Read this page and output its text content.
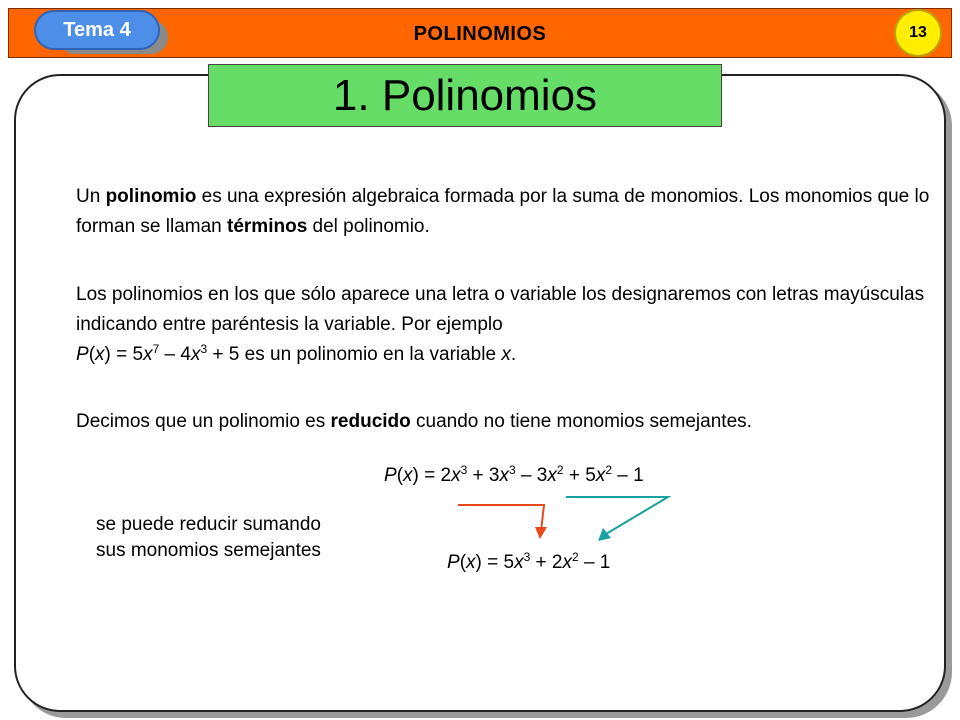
POLINOMIOS
Tema 4	13
1. Polinomios

Un polinomio es una expresión algebraica formada por la suma de monomios. Los monomios que lo forman se llaman términos del polinomio.

Los polinomios en los que sólo aparece una letra o variable los designaremos con letras mayúsculas indicando entre paréntesis la variable. Por ejemplo
$P(x) = 5x^7 - 4x^3 + 5$ es un polinomio en la variable x.

Decimos que un polinomio es reducido cuando no tiene monomios semejantes.

$P(x) = 2x^3 + 3x^3 - 3x^2 + 5x^2 - 1$
se puede reducir sumando
sus monomios semejantes
$P(x) = 5x^3 + 2x^2 - 1$
